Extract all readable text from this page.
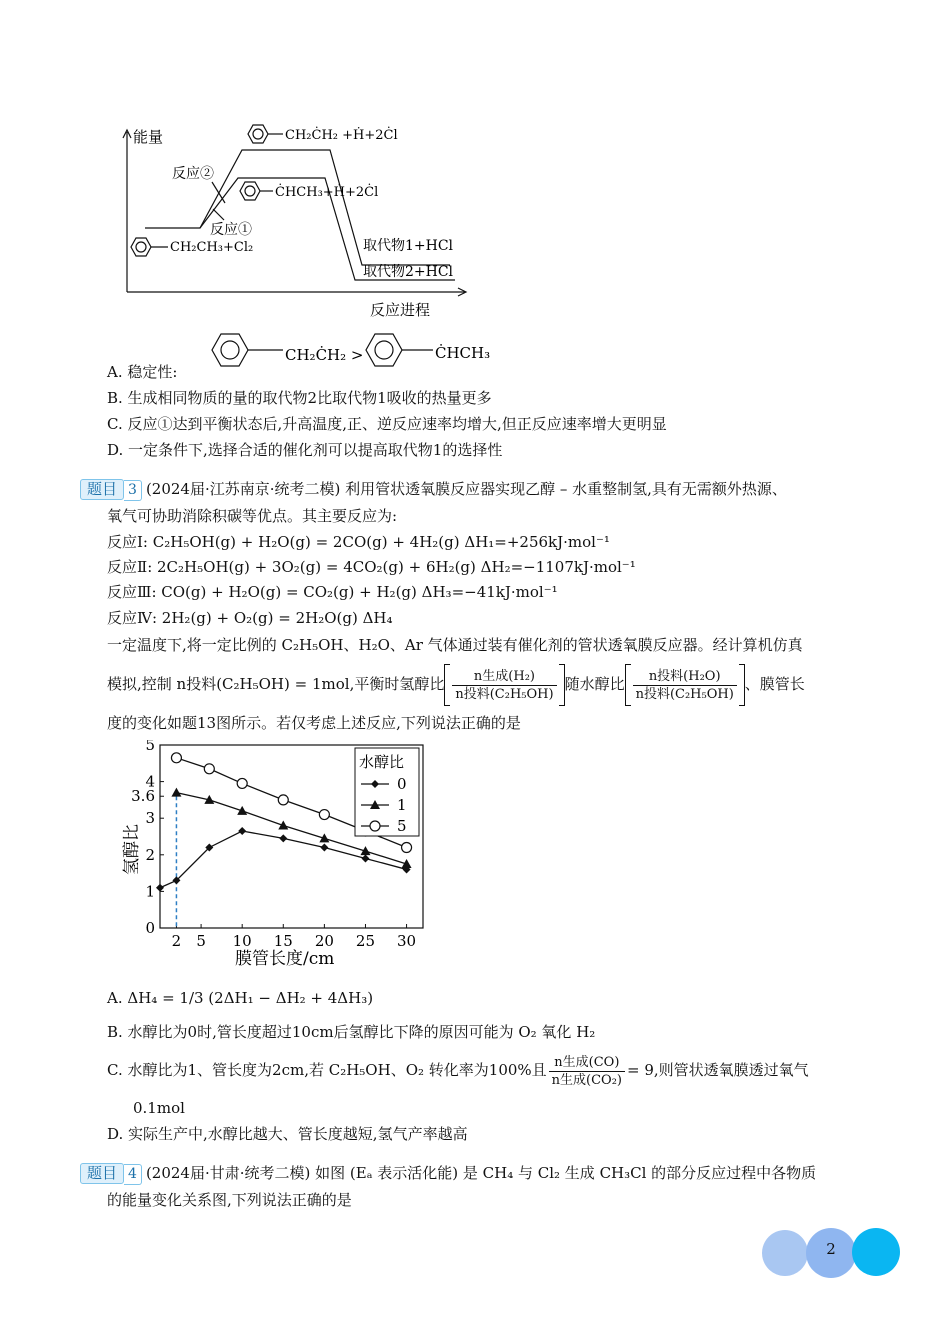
能量
反应进程
CH₂ĊH₂ +Ḣ+2Ċl
ĊHCH₃+Ḣ+2Ċl
CH₂CH₃+Cl₂
反应②
反应①
取代物1+HCl
取代物2+HCl
A. 稳定性:
CH₂ĊH₂ >	ĊHCH₃
B. 生成相同物质的量的取代物2比取代物1吸收的热量更多
C. 反应①达到平衡状态后,升高温度,正、逆反应速率均增大,但正反应速率增大更明显
D. 一定条件下,选择合适的催化剂可以提高取代物1的选择性
题目 3 (2024届·江苏南京·统考二模) 利用管状透氧膜反应器实现乙醇 – 水重整制氢,具有无需额外热源、
氧气可协助消除积碳等优点。其主要反应为:
反应Ⅰ: C₂H₅OH(g) + H₂O(g) = 2CO(g) + 4H₂(g) ΔH₁=+256kJ·mol⁻¹
反应Ⅱ: 2C₂H₅OH(g) + 3O₂(g) = 4CO₂(g) + 6H₂(g) ΔH₂=−1107kJ·mol⁻¹
反应Ⅲ: CO(g) + H₂O(g) = CO₂(g) + H₂(g) ΔH₃=−41kJ·mol⁻¹
反应Ⅳ: 2H₂(g) + O₂(g) = 2H₂O(g) ΔH₄
一定温度下,将一定比例的 C₂H₅OH、H₂O、Ar 气体通过装有催化剂的管状透氧膜反应器。经计算机仿真
模拟,控制 n投料(C₂H₅OH) = 1mol,平衡时氢醇比 $\frac{\text{n生成(H₂)}}{\text{n投料(C₂H₅OH)}}$ 随水醇比 $\frac{\text{n投料(H₂O)}}{\text{n投料(C₂H₅OH)}}$ 、膜管长
度的变化如题13图所示。若仅考虑上述反应,下列说法正确的是
2 5 10 15 20 25 30
0
1
2
3
3.6
4
5
水醇比
0
1
5
氢醇比
膜管长度/cm
A. ΔH₄ = 1/3 (2ΔH₁ − ΔH₂ + 4ΔH₃)
B. 水醇比为0时,管长度超过10cm后氢醇比下降的原因可能为 O₂ 氧化 H₂
C. 水醇比为1、管长度为2cm,若 C₂H₅OH、O₂ 转化率为100%且 $\frac{\text{n生成(CO)}}{\text{n生成(CO₂)}} = 9$,则管状透氧膜透过氧气
0.1mol
D. 实际生产中,水醇比越大、管长度越短,氢气产率越高
题目 4 (2024届·甘肃·统考二模) 如图 (Eₐ 表示活化能) 是 CH₄ 与 Cl₂ 生成 CH₃Cl 的部分反应过程中各物质
的能量变化关系图,下列说法正确的是
2
